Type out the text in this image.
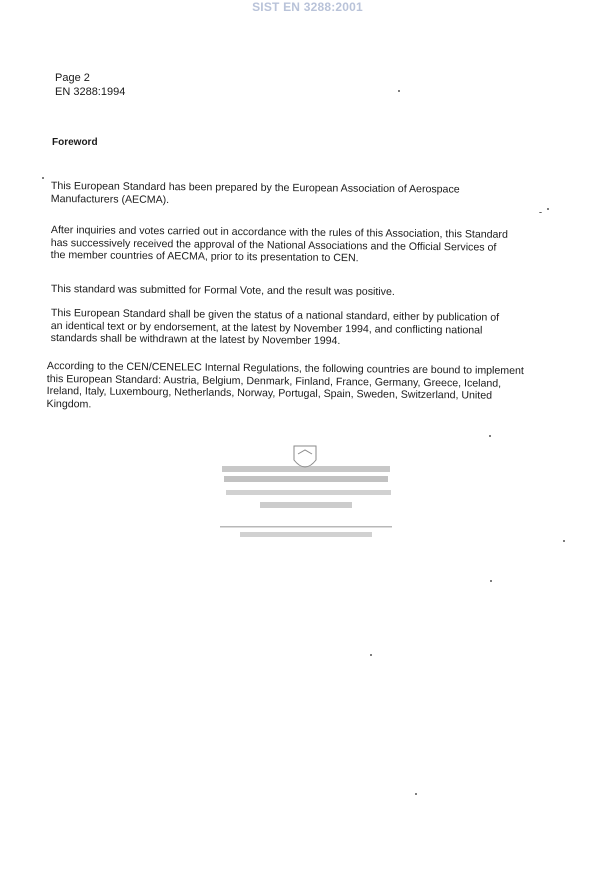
SIST EN 3288:2001
Page 2
EN 3288:1994
Foreword
This European Standard has been prepared by the European Association of Aerospace Manufacturers (AECMA).
After inquiries and votes carried out in accordance with the rules of this Association, this Standard has successively received the approval of the National Associations and the Official Services of the member countries of AECMA, prior to its presentation to CEN.
This standard was submitted for Formal Vote, and the result was positive.
This European Standard shall be given the status of a national standard, either by publication of an identical text or by endorsement, at the latest by November 1994, and conflicting national standards shall be withdrawn at the latest by November 1994.
According to the CEN/CENELEC Internal Regulations, the following countries are bound to implement this European Standard: Austria, Belgium, Denmark, Finland, France, Germany, Greece, Iceland, Ireland, Italy, Luxembourg, Netherlands, Norway, Portugal, Spain, Sweden, Switzerland, United Kingdom.
